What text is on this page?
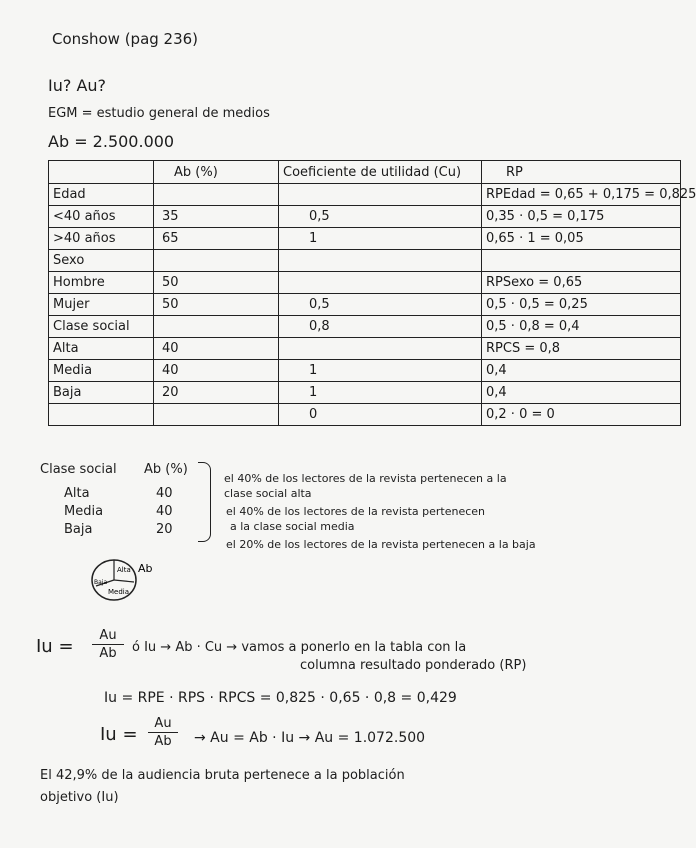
Conshow (pag 236)
Iu? Au?
EGM = estudio general de medios
Ab = 2.500.000
	Ab (%)	Coeficiente de utilidad (Cu)	RP
Edad			RPEdad = 0,65 + 0,175 = 0,825
<40 años	35	0,5	0,35 · 0,5 = 0,175
>40 años	65	1	0,65 · 1 = 0,05
Sexo			
Hombre	50		RPSexo = 0,65
Mujer	50	0,5	0,5 · 0,5 = 0,25
Clase social		0,8	0,5 · 0,8 = 0,4
Alta	40		RPCS = 0,8
Media	40	1	0,4
Baja	20	1	0,4
		0	0,2 · 0 = 0
Clase social Ab (%)
Alta	40
Media	40
Baja	20
el 40% de los lectores de la revista pertenecen a la
clase social alta
el 40% de los lectores de la revista pertenecen
a la clase social media
el 20% de los lectores de la revista pertenecen a la baja
Alta
Media
Baja
Ab
Iu =
Au
Ab	ó Iu → Ab · Cu → vamos a ponerlo en la tabla con la
columna resultado ponderado (RP)
Iu = RPE · RPS · RPCS = 0,825 · 0,65 · 0,8 = 0,429
Iu =
Au
Ab	→ Au = Ab · Iu → Au = 1.072.500
El 42,9% de la audiencia bruta pertenece a la población
objetivo (Iu)
